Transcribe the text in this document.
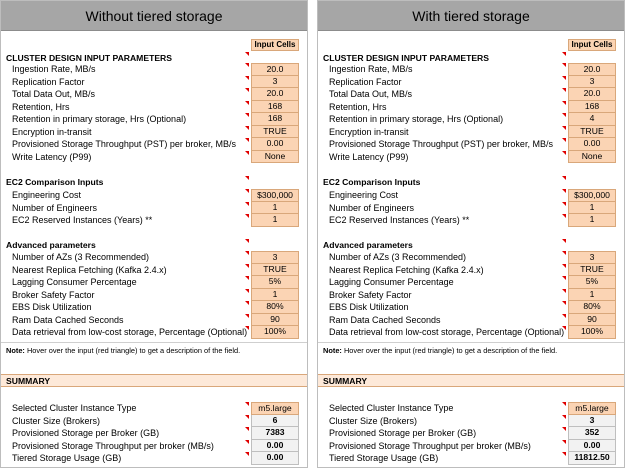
Without tiered storage
Input Cells
CLUSTER DESIGN INPUT PARAMETERS
Ingestion Rate, MB/s	20.0
Replication Factor	3
Total Data Out, MB/s	20.0
Retention, Hrs	168
Retention in primary storage, Hrs (Optional)	168
Encryption in-transit	TRUE
Provisioned Storage Throughput (PST) per broker, MB/s	0.00
Write Latency (P99)	None
EC2 Comparison Inputs
Engineering Cost	$300,000
Number of Engineers	1
EC2 Reserved Instances (Years) **	1
Advanced parameters
Number of AZs (3 Recommended)	3
Nearest Replica Fetching (Kafka 2.4.x)	TRUE
Lagging Consumer Percentage	5%
Broker Safety Factor	1
EBS Disk Utilization	80%
Ram Data Cached Seconds	90
Data retrieval from low-cost storage, Percentage (Optional)	100%
Note: Hover over the input (red triangle) to get a description of the field.
SUMMARY
Selected Cluster Instance Type	m5.large
Cluster Size (Brokers)	6
Provisioned Storage per Broker (GB)	7383
Provisioned Storage Throughput per broker (MB/s)	0.00
Tiered Storage Usage (GB)	0.00
With tiered storage
Input Cells
CLUSTER DESIGN INPUT PARAMETERS
Ingestion Rate, MB/s	20.0
Replication Factor	3
Total Data Out, MB/s	20.0
Retention, Hrs	168
Retention in primary storage, Hrs (Optional)	4
Encryption in-transit	TRUE
Provisioned Storage Throughput (PST) per broker, MB/s	0.00
Write Latency (P99)	None
EC2 Comparison Inputs
Engineering Cost	$300,000
Number of Engineers	1
EC2 Reserved Instances (Years) **	1
Advanced parameters
Number of AZs (3 Recommended)	3
Nearest Replica Fetching (Kafka 2.4.x)	TRUE
Lagging Consumer Percentage	5%
Broker Safety Factor	1
EBS Disk Utilization	80%
Ram Data Cached Seconds	90
Data retrieval from low-cost storage, Percentage (Optional)	100%
Note: Hover over the input (red triangle) to get a description of the field.
SUMMARY
Selected Cluster Instance Type	m5.large
Cluster Size (Brokers)	3
Provisioned Storage per Broker (GB)	352
Provisioned Storage Throughput per broker (MB/s)	0.00
Tiered Storage Usage (GB)	11812.50
